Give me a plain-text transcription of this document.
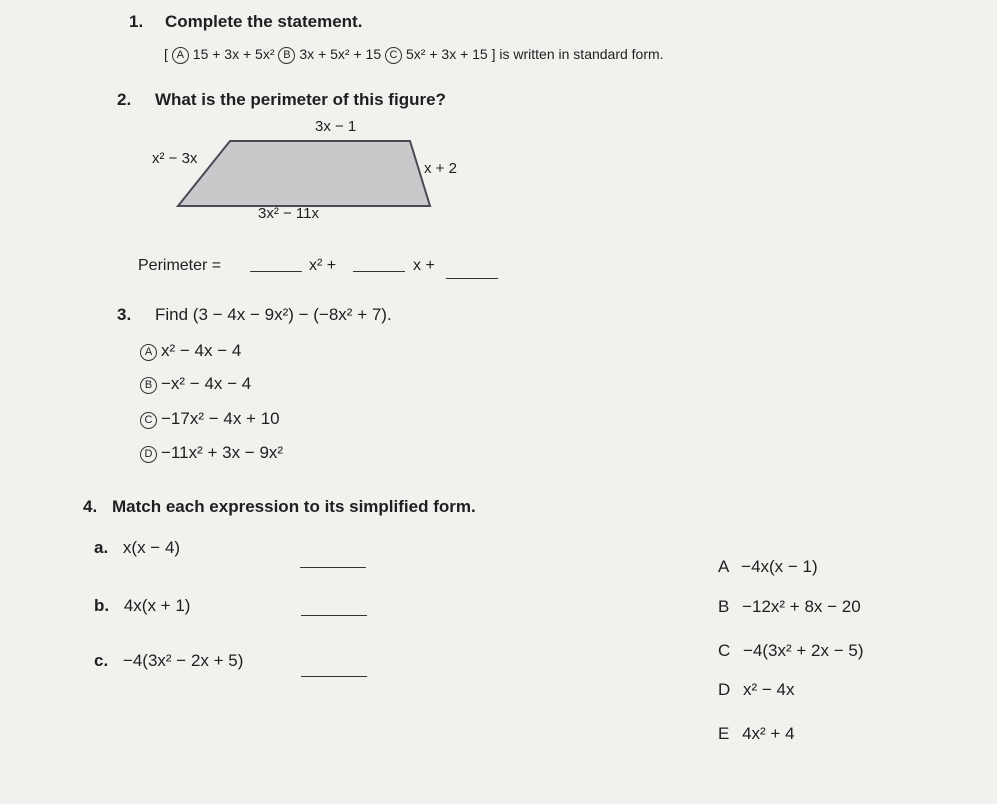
1. Complete the statement.
[ A 15 + 3x + 5x² B 3x + 5x² + 15 C 5x² + 3x + 15 ] is written in standard form.
2. What is the perimeter of this figure?
3x − 1
x² − 3x
x + 2
3x² − 11x
Perimeter =	x² +	x +
3. Find (3 − 4x − 9x²) − (−8x² + 7).
A x² − 4x − 4
B −x² − 4x − 4
C −17x² − 4x + 10
D −11x² + 3x − 9x²
4. Match each expression to its simplified form.
a. x(x − 4)
b. 4x(x + 1)
c. −4(3x² − 2x + 5)
A −4x(x − 1)
B −12x² + 8x − 20
C −4(3x² + 2x − 5)
D x² − 4x
E 4x² + 4
